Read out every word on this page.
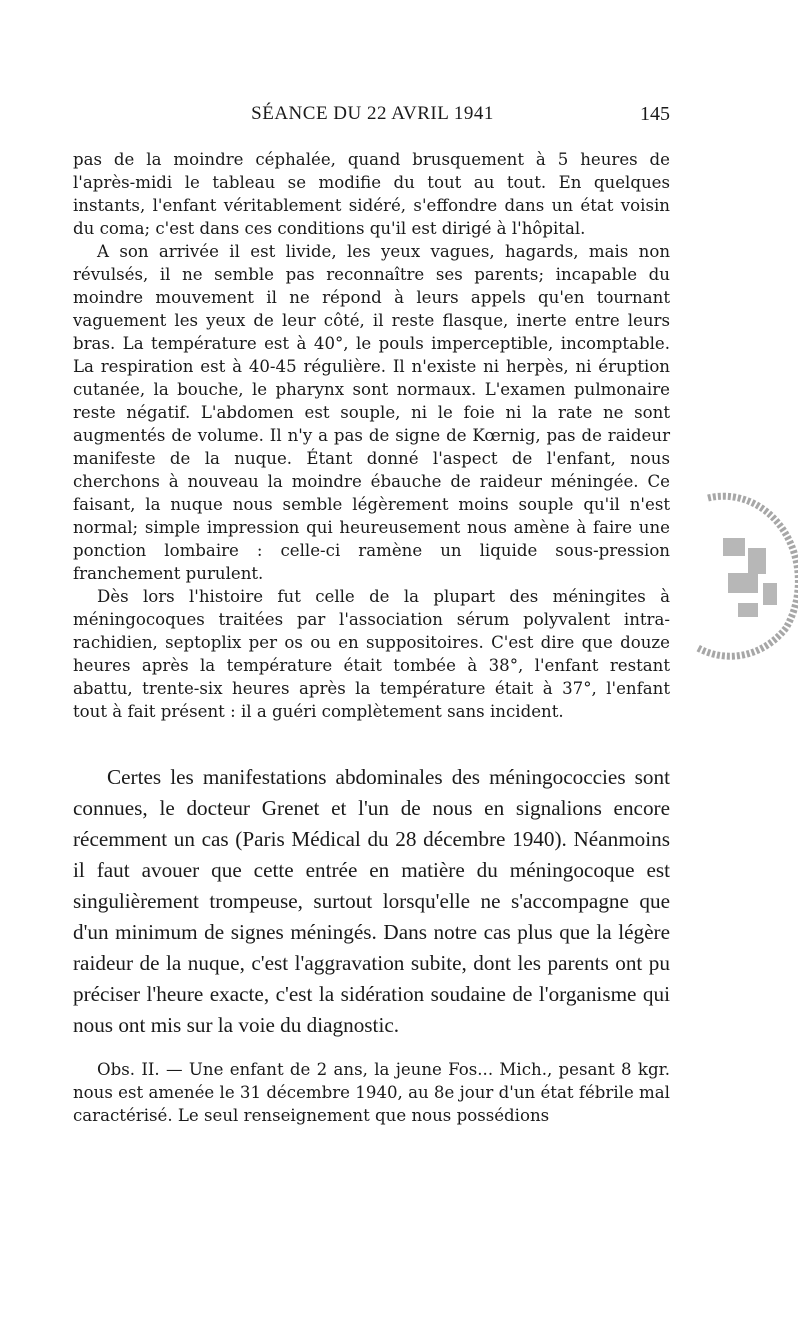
SÉANCE DU 22 AVRIL 1941	145

pas de la moindre céphalée, quand brusquement à 5 heures de l'après-midi le tableau se modifie du tout au tout. En quelques instants, l'enfant véritablement sidéré, s'effondre dans un état voisin du coma; c'est dans ces conditions qu'il est dirigé à l'hôpital.

A son arrivée il est livide, les yeux vagues, hagards, mais non révulsés, il ne semble pas reconnaître ses parents; incapable du moindre mouvement il ne répond à leurs appels qu'en tournant vaguement les yeux de leur côté, il reste flasque, inerte entre leurs bras. La température est à 40°, le pouls imperceptible, incomptable. La respiration est à 40-45 régulière. Il n'existe ni herpès, ni éruption cutanée, la bouche, le pharynx sont normaux. L'examen pulmonaire reste négatif. L'abdomen est souple, ni le foie ni la rate ne sont augmentés de volume. Il n'y a pas de signe de Kœrnig, pas de raideur manifeste de la nuque. Étant donné l'aspect de l'enfant, nous cherchons à nouveau la moindre ébauche de raideur méningée. Ce faisant, la nuque nous semble légèrement moins souple qu'il n'est normal; simple impression qui heureusement nous amène à faire une ponction lombaire : celle-ci ramène un liquide sous-pression franchement purulent.

Dès lors l'histoire fut celle de la plupart des méningites à méningocoques traitées par l'association sérum polyvalent intra-rachidien, septoplix per os ou en suppositoires. C'est dire que douze heures après la température était tombée à 38°, l'enfant restant abattu, trente-six heures après la température était à 37°, l'enfant tout à fait présent : il a guéri complètement sans incident.

Certes les manifestations abdominales des méningococcies sont connues, le docteur Grenet et l'un de nous en signalions encore récemment un cas (Paris Médical du 28 décembre 1940). Néanmoins il faut avouer que cette entrée en matière du méningocoque est singulièrement trompeuse, surtout lorsqu'elle ne s'accompagne que d'un minimum de signes méningés. Dans notre cas plus que la légère raideur de la nuque, c'est l'aggravation subite, dont les parents ont pu préciser l'heure exacte, c'est la sidération soudaine de l'organisme qui nous ont mis sur la voie du diagnostic.

Obs. II. — Une enfant de 2 ans, la jeune Fos... Mich., pesant 8 kgr. nous est amenée le 31 décembre 1940, au 8e jour d'un état fébrile mal caractérisé. Le seul renseignement que nous possédions
